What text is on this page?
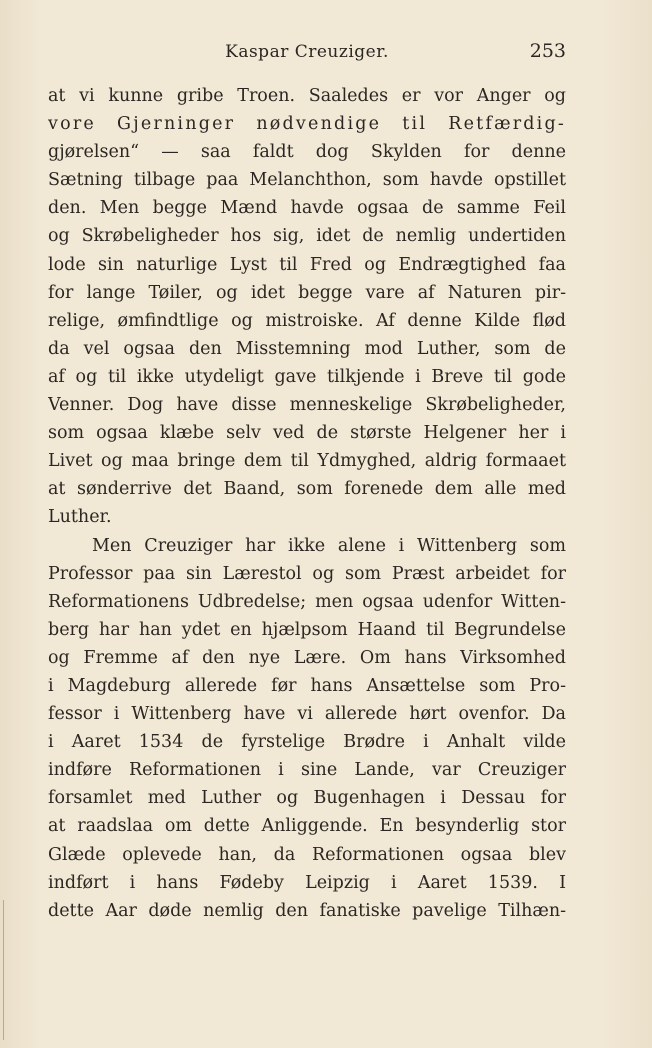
Kaspar Creuziger.	253
at vi kunne gribe Troen. Saaledes er vor Anger og
vore Gjerninger nødvendige til Retfærdig-
gjørelsen“ — saa faldt dog Skylden for denne
Sætning tilbage paa Melanchthon, som havde opstillet
den. Men begge Mænd havde ogsaa de samme Feil
og Skrøbeligheder hos sig, idet de nemlig undertiden
lode sin naturlige Lyst til Fred og Endrægtighed faa
for lange Tøiler, og idet begge vare af Naturen pir-
relige, ømfindtlige og mistroiske. Af denne Kilde flød
da vel ogsaa den Misstemning mod Luther, som de
af og til ikke utydeligt gave tilkjende i Breve til gode
Venner. Dog have disse menneskelige Skrøbeligheder,
som ogsaa klæbe selv ved de største Helgener her i
Livet og maa bringe dem til Ydmyghed, aldrig formaaet
at sønderrive det Baand, som forenede dem alle med
Luther.
Men Creuziger har ikke alene i Wittenberg som
Professor paa sin Lærestol og som Præst arbeidet for
Reformationens Udbredelse; men ogsaa udenfor Witten-
berg har han ydet en hjælpsom Haand til Begrundelse
og Fremme af den nye Lære. Om hans Virksomhed
i Magdeburg allerede før hans Ansættelse som Pro-
fessor i Wittenberg have vi allerede hørt ovenfor. Da
i Aaret 1534 de fyrstelige Brødre i Anhalt vilde
indføre Reformationen i sine Lande, var Creuziger
forsamlet med Luther og Bugenhagen i Dessau for
at raadslaa om dette Anliggende. En besynderlig stor
Glæde oplevede han, da Reformationen ogsaa blev
indført i hans Fødeby Leipzig i Aaret 1539. I
dette Aar døde nemlig den fanatiske pavelige Tilhæn-
